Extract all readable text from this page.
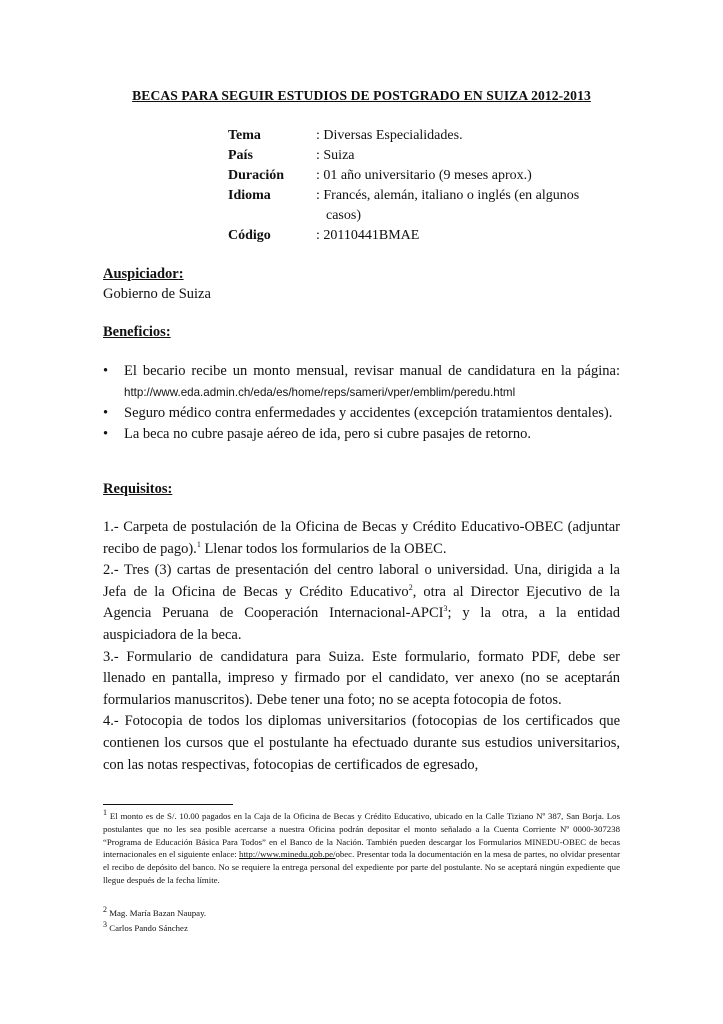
BECAS PARA SEGUIR ESTUDIOS DE POSTGRADO EN SUIZA 2012-2013
Tema	: Diversas Especialidades.
País	: Suiza
Duración	: 01 año universitario (9 meses aprox.)
Idioma	: Francés, alemán, italiano o inglés (en algunos
casos)
Código	: 20110441BMAE
Auspiciador:
Gobierno de Suiza
Beneficios:
•	El becario recibe un monto mensual, revisar manual de candidatura en la página: http://www.eda.admin.ch/eda/es/home/reps/sameri/vper/emblim/peredu.html
•	Seguro médico contra enfermedades y accidentes (excepción tratamientos dentales).
•	La beca no cubre pasaje aéreo de ida, pero si cubre pasajes de retorno.
Requisitos:

1.- Carpeta de postulación de la Oficina de Becas y Crédito Educativo-OBEC (adjuntar recibo de pago).$^1$ Llenar todos los formularios de la OBEC.

2.- Tres (3) cartas de presentación del centro laboral o universidad. Una, dirigida a la Jefa de la Oficina de Becas y Crédito Educativo$^2$, otra al Director Ejecutivo de la Agencia Peruana de Cooperación Internacional-APCI$^3$; y la otra, a la entidad auspiciadora de la beca.

3.- Formulario de candidatura para Suiza. Este formulario, formato PDF, debe ser llenado en pantalla, impreso y firmado por el candidato, ver anexo (no se aceptarán formularios manuscritos). Debe tener una foto; no se acepta fotocopia de fotos.

4.- Fotocopia de todos los diplomas universitarios (fotocopias de los certificados que contienen los cursos que el postulante ha efectuado durante sus estudios universitarios, con las notas respectivas, fotocopias de certificados de egresado,

$^1$ El monto es de S/. 10.00 pagados en la Caja de la Oficina de Becas y Crédito Educativo, ubicado en la Calle Tiziano Nº 387, San Borja. Los postulantes que no les sea posible acercarse a nuestra Oficina podrán depositar el monto señalado a la Cuenta Corriente Nº 0000-307238 “Programa de Educación Básica Para Todos” en el Banco de la Nación. También pueden descargar los Formularios MINEDU-OBEC de becas internacionales en el siguiente enlace: http://www.minedu.gob.pe/obec. Presentar toda la documentación en la mesa de partes, no olvidar presentar el recibo de depósito del banco. No se requiere la entrega personal del expediente por parte del postulante. No se aceptará ningún expediente que llegue después de la fecha límite.
$^2$ Mag. María Bazan Naupay.
$^3$ Carlos Pando Sánchez
